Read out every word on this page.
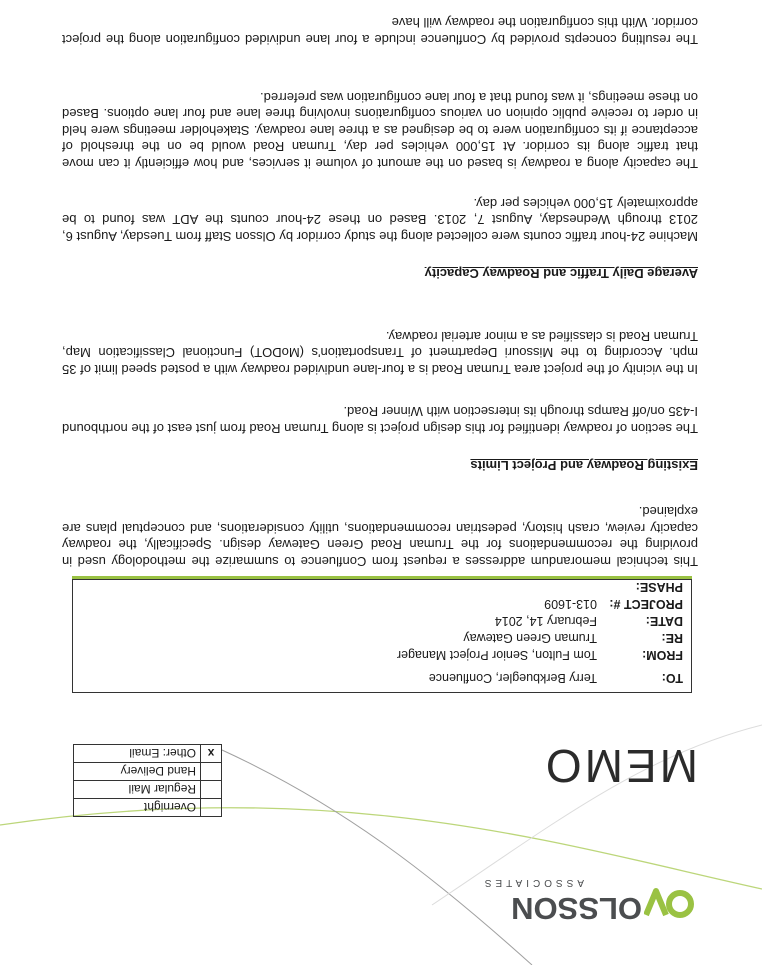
OLSSON
ASSOCIATES
MEMO
	Overnight
	Regular Mail
	Hand Delivery
x	Other: Email
TO:
Terry Berkbuegler, Confluence
FROM:
Tom Fulton, Senior Project Manager
RE:
Truman Green Gateway
DATE:
February 14, 2014
PROJECT #:
013-1609
PHASE:

This technical memorandum addresses a request from Confluence to summarize the methodology used in providing the recommendations for the Truman Road Green Gateway design. Specifically, the roadway capacity review, crash history, pedestrian recommendations, utility considerations, and conceptual plans are explained.

Existing Roadway and Project Limits

The section of roadway identified for this design project is along Truman Road from just east of the northbound I-435 on/off Ramps through its intersection with Winner Road.

In the vicinity of the project area Truman Road is a four-lane undivided roadway with a posted speed limit of 35 mph. According to the Missouri Department of Transportation's (MoDOT) Functional Classification Map, Truman Road is classified as a minor arterial roadway.

Average Daily Traffic and Roadway Capacity

Machine 24-hour traffic counts were collected along the study corridor by Olsson Staff from Tuesday, August 6, 2013 through Wednesday, August 7, 2013. Based on these 24-hour counts the ADT was found to be approximately 15,000 vehicles per day.

The capacity along a roadway is based on the amount of volume it services, and how efficiently it can move that traffic along its corridor. At 15,000 vehicles per day, Truman Road would be on the threshold of acceptance if its configuration were to be designed as a three lane roadway. Stakeholder meetings were held in order to receive public opinion on various configurations involving three lane and four lane options. Based on these meetings, it was found that a four lane configuration was preferred.

The resulting concepts provided by Confluence include a four lane undivided configuration along the project corridor. With this configuration the roadway will have
